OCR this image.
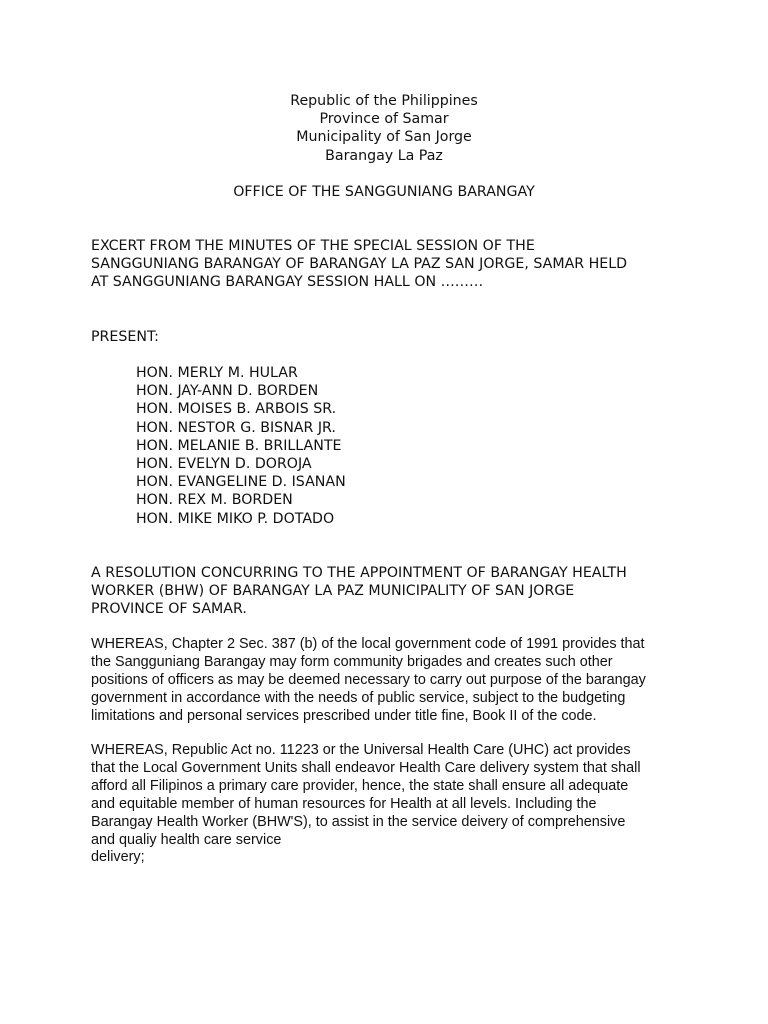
Republic of the Philippines
Province of Samar
Municipality of San Jorge
Barangay La Paz
OFFICE OF THE SANGGUNIANG BARANGAY
EXCERT FROM THE MINUTES OF THE SPECIAL SESSION OF THE
SANGGUNIANG BARANGAY OF BARANGAY LA PAZ SAN JORGE, SAMAR HELD
AT SANGGUNIANG BARANGAY SESSION HALL ON ………
PRESENT:
HON. MERLY M. HULAR
HON. JAY-ANN D. BORDEN
HON. MOISES B. ARBOIS SR.
HON. NESTOR G. BISNAR JR.
HON. MELANIE B. BRILLANTE
HON. EVELYN D. DOROJA
HON. EVANGELINE D. ISANAN
HON. REX M. BORDEN
HON. MIKE MIKO P. DOTADO
A RESOLUTION CONCURRING TO THE APPOINTMENT OF BARANGAY HEALTH
WORKER (BHW) OF BARANGAY LA PAZ MUNICIPALITY OF SAN JORGE
PROVINCE OF SAMAR.
WHEREAS, Chapter 2 Sec. 387 (b) of the local government code of 1991 provides that
the Sangguniang Barangay may form community brigades and creates such other
positions of officers as may be deemed necessary to carry out purpose of the barangay
government in accordance with the needs of public service, subject to the budgeting
limitations and personal services prescribed under title fine, Book II of the code.
WHEREAS, Republic Act no. 11223 or the Universal Health Care (UHC) act provides
that the Local Government Units shall endeavor Health Care delivery system that shall
afford all Filipinos a primary care provider, hence, the state shall ensure all adequate
and equitable member of human resources for Health at all levels. Including the
Barangay Health Worker (BHW'S), to assist in the service deivery of comprehensive
and qualiy health care service
delivery;
